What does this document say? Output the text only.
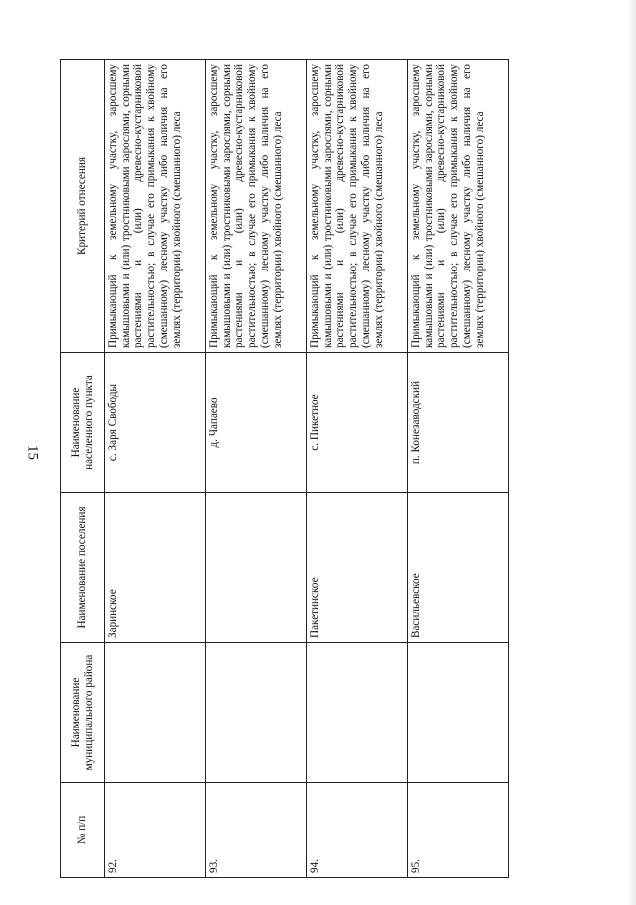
15
№ п/п	Наименование муниципального района	Наименование поселения	Наименование населенного пункта	Критерий отнесения
92.		Заринское	с. Заря Свободы	Примыкающий к земельному участку, заросшему камышовыми и (или) тростниковыми зарослями, сорными растениями и (или) древесно-кустарниковой растительностью; в случае его примыкания к хвойному (смешанному) лесному участку либо наличия на его землях (территории) хвойного (смешанного) леса
93.			д. Чапаево	Примыкающий к земельному участку, заросшему камышовыми и (или) тростниковыми зарослями, сорными растениями и (или) древесно-кустарниковой растительностью; в случае его примыкания к хвойному (смешанному) лесному участку либо наличия на его землях (территории) хвойного (смешанного) леса
94.		Пакетинское	с. Пикетное	Примыкающий к земельному участку, заросшему камышовыми и (или) тростниковыми зарослями, сорными растениями и (или) древесно-кустарниковой растительностью; в случае его примыкания к хвойному (смешанному) лесному участку либо наличия на его землях (территории) хвойного (смешанного) леса
95.		Васильевское	п. Конезаводский	Примыкающий к земельному участку, заросшему камышовыми и (или) тростниковыми зарослями, сорными растениями и (или) древесно-кустарниковой растительностью; в случае его примыкания к хвойному (смешанному) лесному участку либо наличия на его землях (территории) хвойного (смешанного) леса
